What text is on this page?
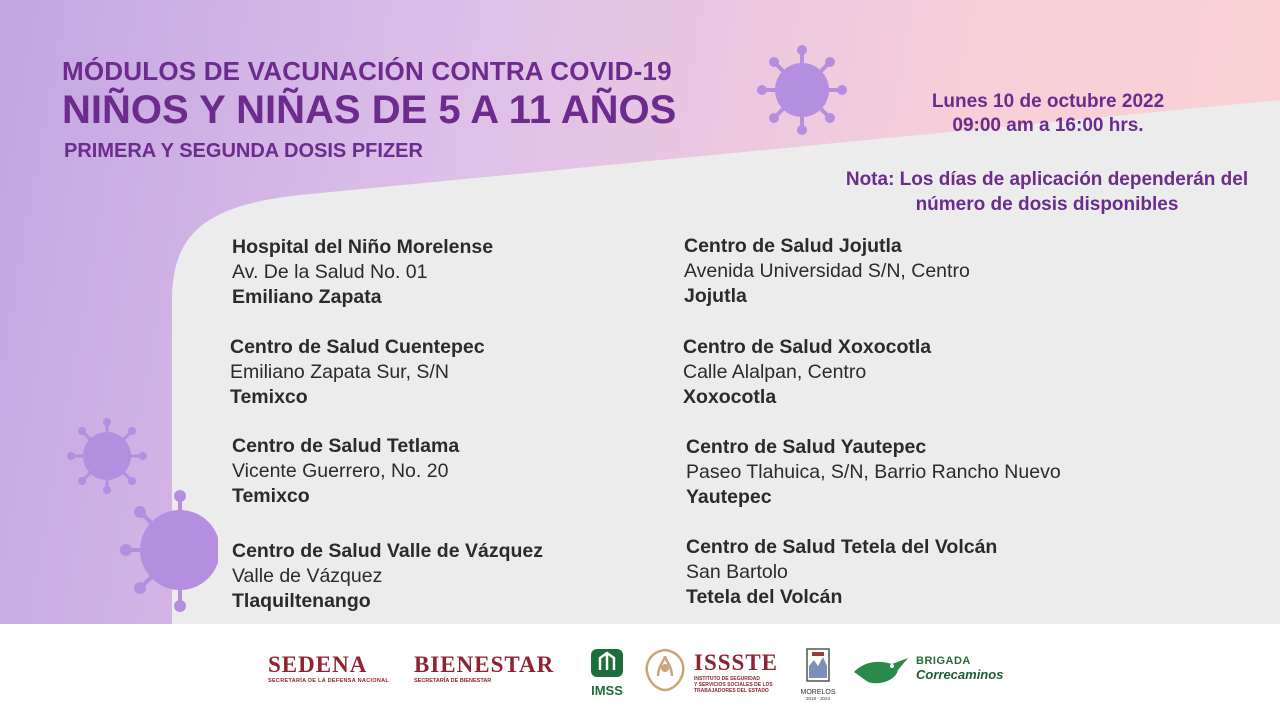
MÓDULOS DE VACUNACIÓN CONTRA COVID-19
NIÑOS Y NIÑAS DE 5 A 11 AÑOS
PRIMERA Y SEGUNDA DOSIS PFIZER
Lunes 10 de octubre 2022
09:00 am a 16:00 hrs.
Nota: Los días de aplicación dependerán del
número de dosis disponibles
Hospital del Niño Morelense
Av. De la Salud No. 01
Emiliano Zapata
Centro de Salud Cuentepec
Emiliano Zapata Sur, S/N
Temixco
Centro de Salud Tetlama
Vicente Guerrero, No. 20
Temixco
Centro de Salud Valle de Vázquez
Valle de Vázquez
Tlaquiltenango
Centro de Salud Jojutla
Avenida Universidad S/N, Centro
Jojutla
Centro de Salud Xoxocotla
Calle Alalpan, Centro
Xoxocotla
Centro de Salud Yautepec
Paseo Tlahuica, S/N, Barrio Rancho Nuevo
Yautepec
Centro de Salud Tetela del Volcán
San Bartolo
Tetela del Volcán
SEDENA
SECRETARÍA DE LA DEFENSA NACIONAL
BIENESTAR
SECRETARÍA DE BIENESTAR
IMSS
ISSSTE
INSTITUTO DE SEGURIDAD
Y SERVICIOS SOCIALES DE LOS
TRABAJADORES DEL ESTADO	MORELOS
2018 - 2024
BRIGADA
Correcaminos
